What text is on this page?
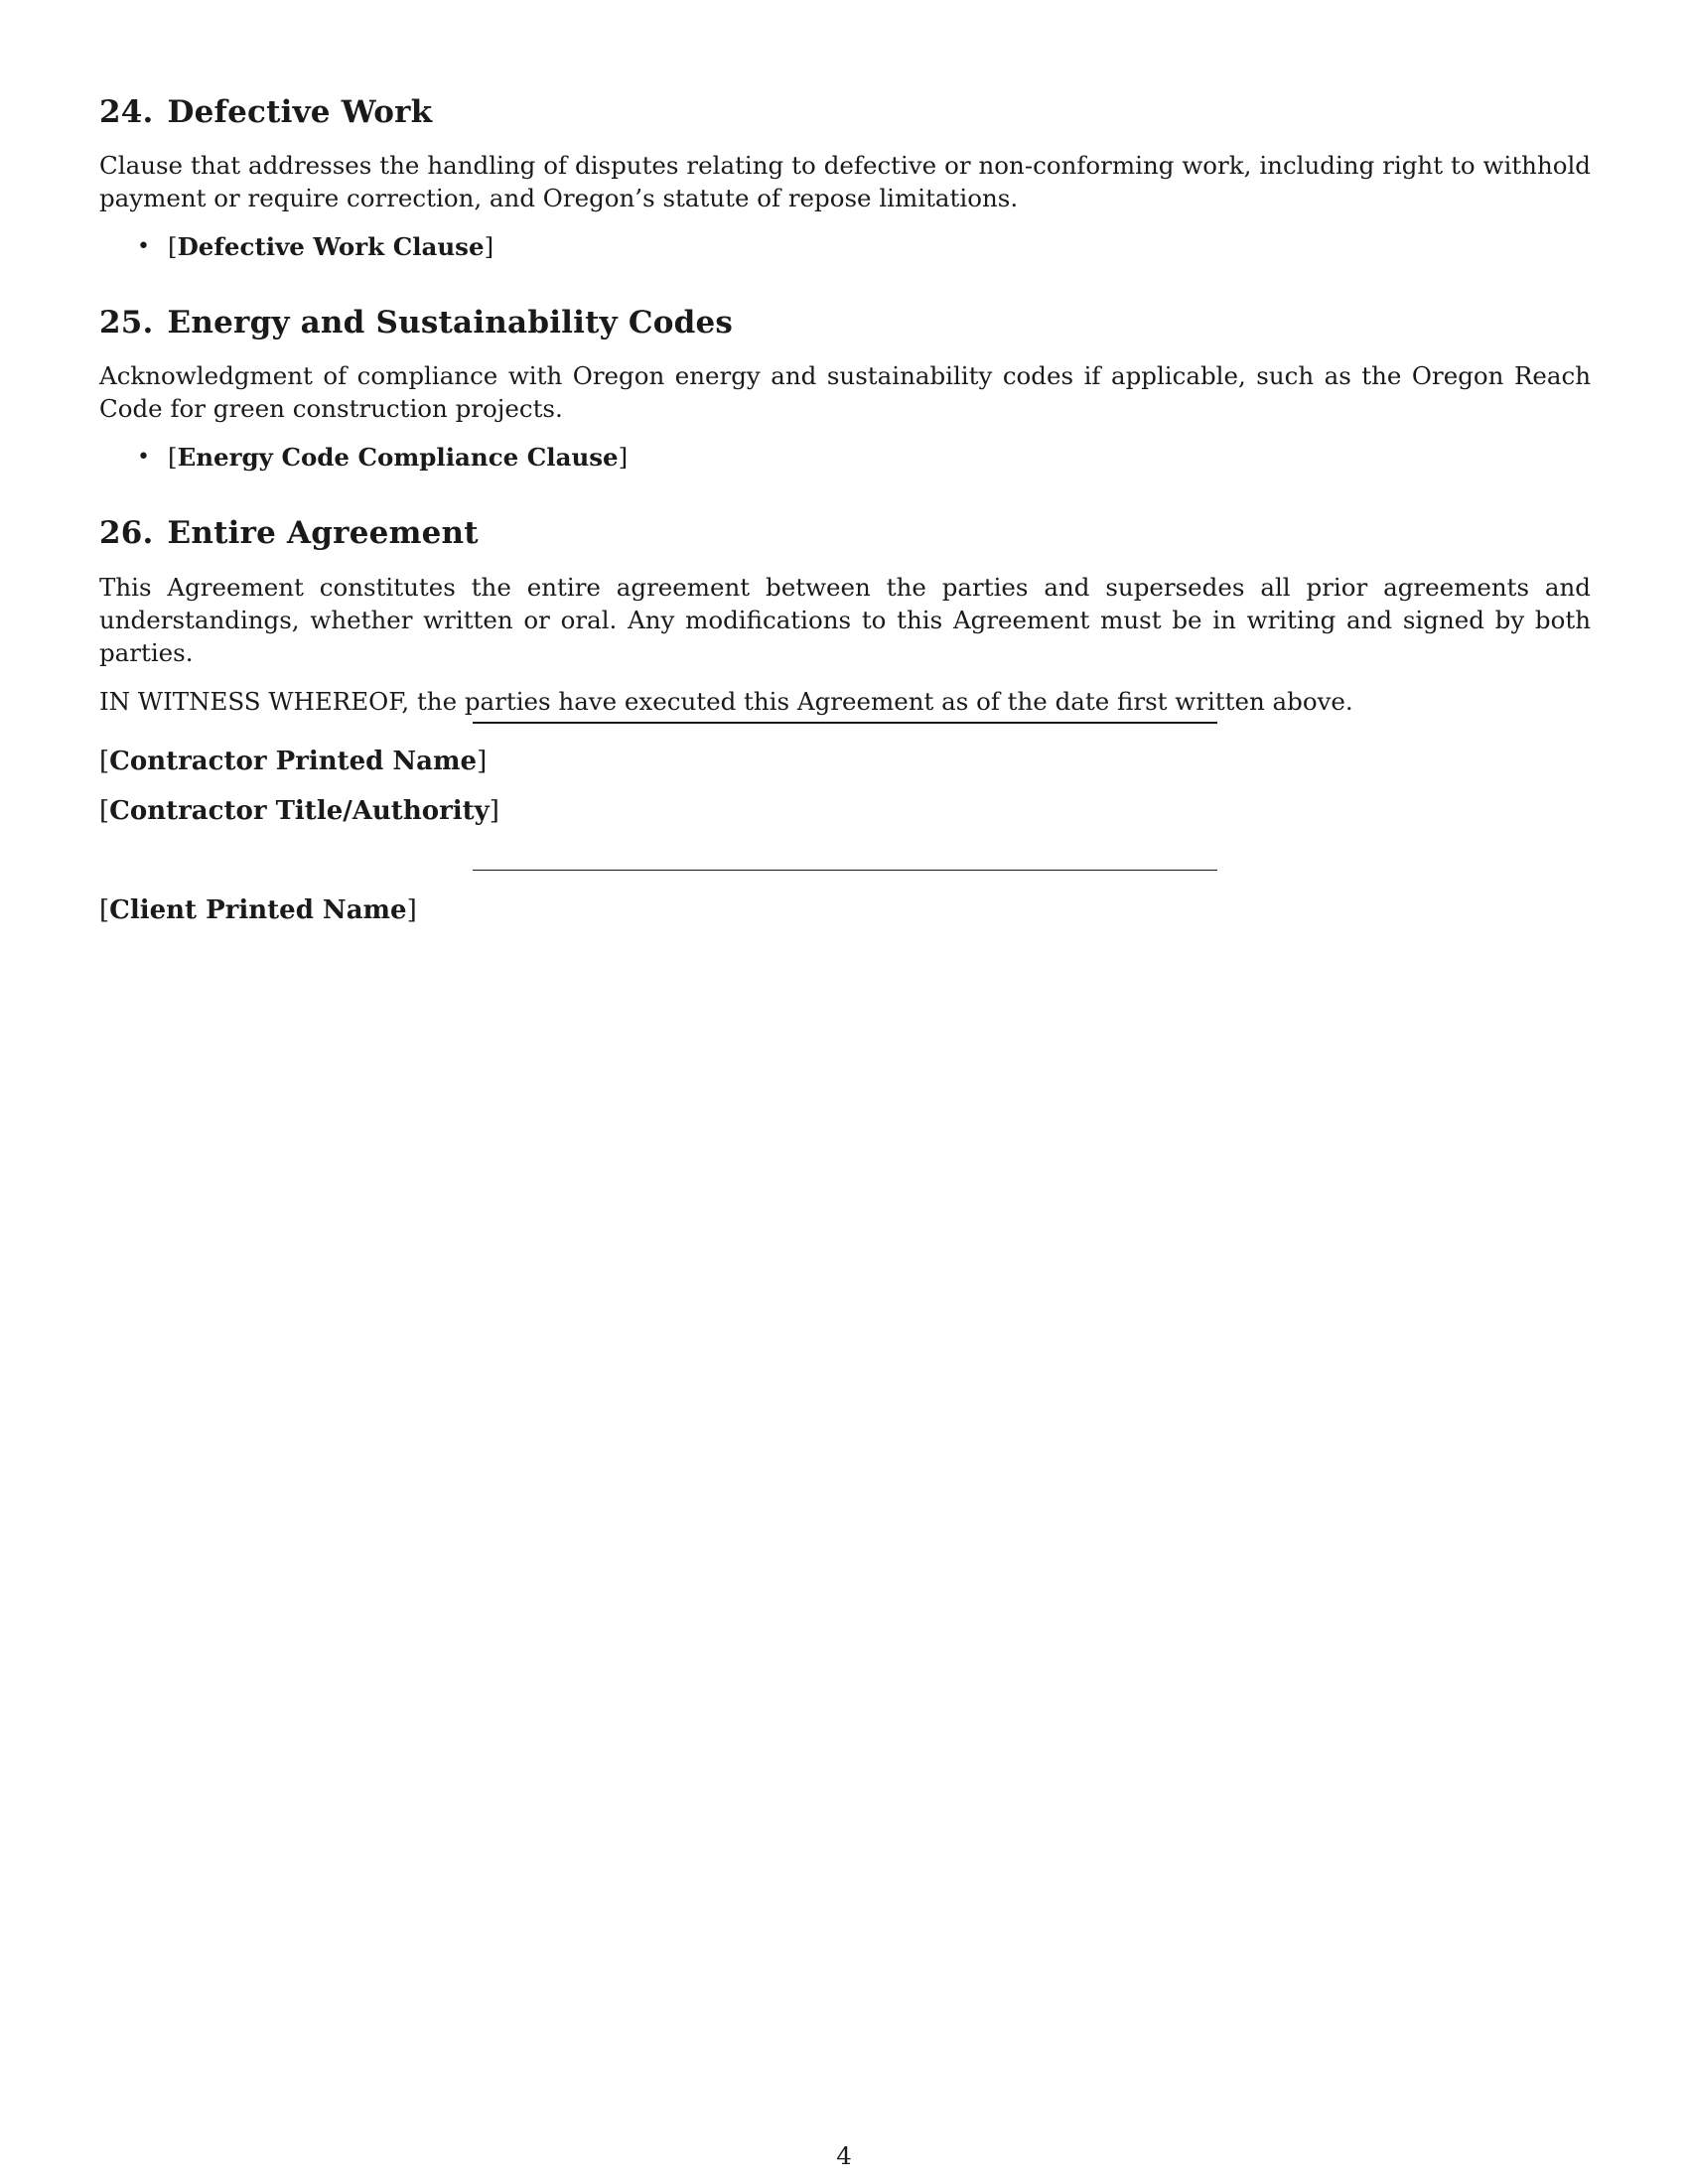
24. Defective Work

Clause that addresses the handling of disputes relating to defective or non-conforming work, including right to withhold payment or require correction, and Oregon’s statute of repose limitations.

• [Defective Work Clause]
25. Energy and Sustainability Codes

Acknowledgment of compliance with Oregon energy and sustainability codes if applicable, such as the Oregon Reach Code for green construction projects.

• [Energy Code Compliance Clause]
26. Entire Agreement

This Agreement constitutes the entire agreement between the parties and supersedes all prior agreements and understandings, whether written or oral. Any modifications to this Agreement must be in writing and signed by both parties.

IN WITNESS WHEREOF, the parties have executed this Agreement as of the date first written above.

[Contractor Printed Name]
[Contractor Title/Authority]
[Client Printed Name]
4
